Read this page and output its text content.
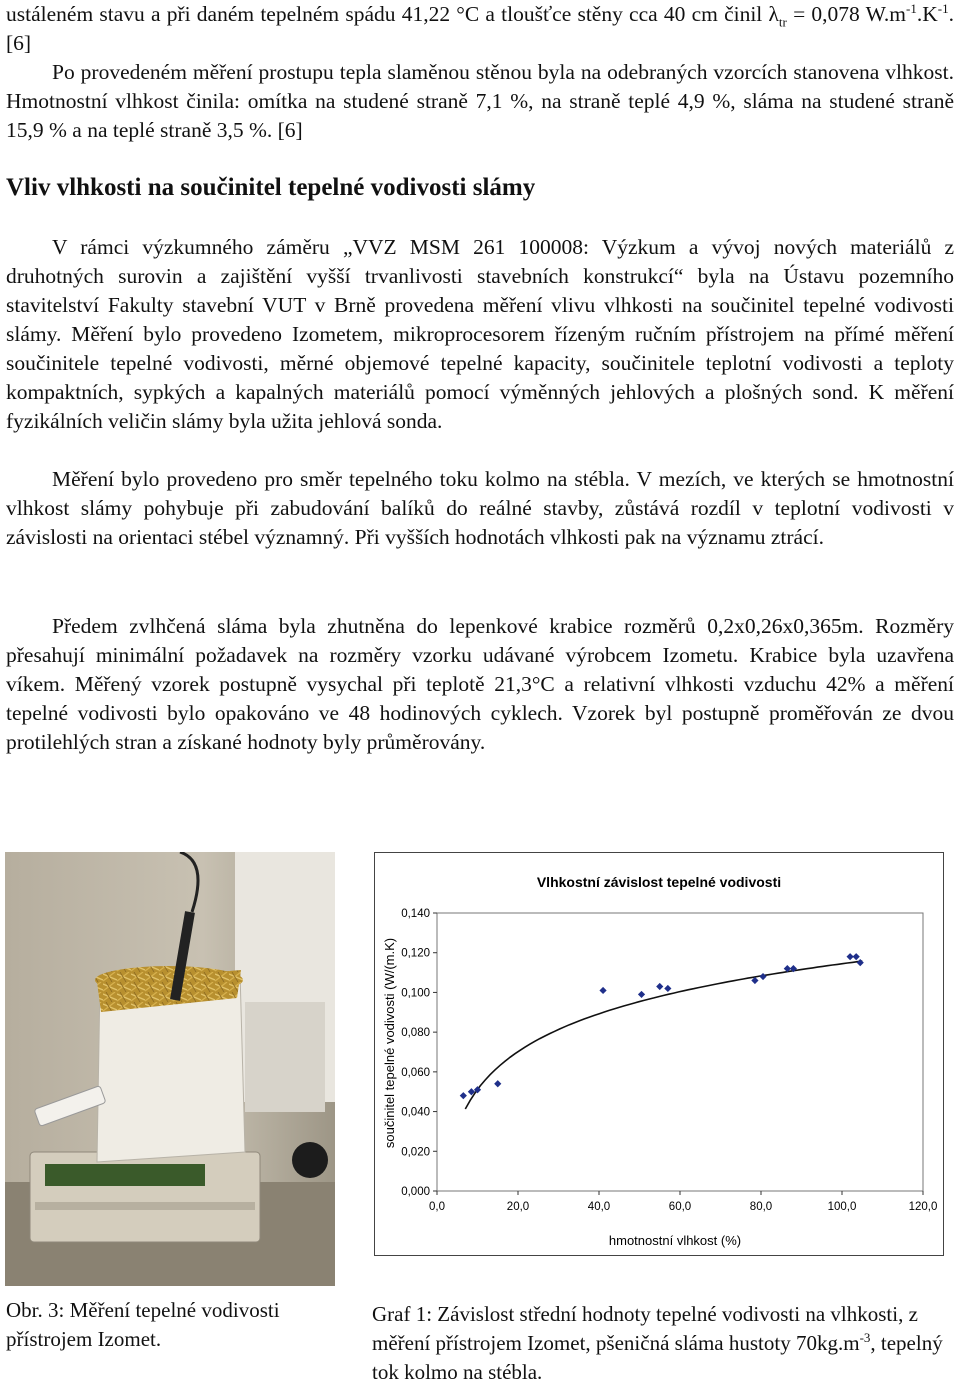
ustáleném stavu a při daném tepelném spádu 41,22 °C a tloušťce stěny cca 40 cm činil $\lambda_{tr} = 0,078$ $W.m^{-1}.K^{-1}$. [6]
Po provedeném měření prostupu tepla slaměnou stěnou byla na odebraných vzorcích stanovena vlhkost. Hmotnostní vlhkost činila: omítka na studené straně 7,1 %, na straně teplé 4,9 %, sláma na studené straně 15,9 % a na teplé straně 3,5 %. [6]
Vliv vlhkosti na součinitel tepelné vodivosti slámy
V rámci výzkumného záměru „VVZ MSM 261 100008: Výzkum a vývoj nových materiálů z druhotných surovin a zajištění vyšší trvanlivosti stavebních konstrukcí“ byla na Ústavu pozemního stavitelství Fakulty stavební VUT v Brně provedena měření vlivu vlhkosti na součinitel tepelné vodivosti slámy. Měření bylo provedeno Izometem, mikroprocesorem řízeným ručním přístrojem na přímé měření součinitele tepelné vodivosti, měrné objemové tepelné kapacity, součinitele teplotní vodivosti a teploty kompaktních, sypkých a kapalných materiálů pomocí výměnných jehlových a plošných sond. K měření fyzikálních veličin slámy byla užita jehlová sonda.
Měření bylo provedeno pro směr tepelného toku kolmo na stébla. V mezích, ve kterých se hmotnostní vlhkost slámy pohybuje při zabudování balíků do reálné stavby, zůstává rozdíl v teplotní vodivosti v závislosti na orientaci stébel významný. Při vyšších hodnotách vlhkosti pak na významu ztrácí.
Předem zvlhčená sláma byla zhutněna do lepenkové krabice rozměrů 0,2x0,26x0,365m. Rozměry přesahují minimální požadavek na rozměry vzorku udávané výrobcem Izometu. Krabice byla uzavřena víkem. Měřený vzorek postupně vysychal při teplotě 21,3°C a relativní vlhkosti vzduchu 42% a měření tepelné vodivosti bylo opakováno ve 48 hodinových cyklech. Vzorek byl postupně proměřován ze dvou protilehlých stran a získané hodnoty byly průměrovány.
Vlhkostní závislost tepelné vodivosti
0,000
0,020
0,040
0,060
0,080
0,100
0,120
0,140
0,0	20,0	40,0	60,0	80,0	100,0	120,0
hmotnostní vlhkost (%)
součinitel tepelné vodivosti (W/(m.K)
Obr. 3: Měření tepelné vodivosti přístrojem Izomet.
Graf 1: Závislost střední hodnoty tepelné vodivosti na vlhkosti, z měření přístrojem Izomet, pšeničná sláma hustoty $70kg.m^{-3}$, tepelný tok kolmo na stébla.
